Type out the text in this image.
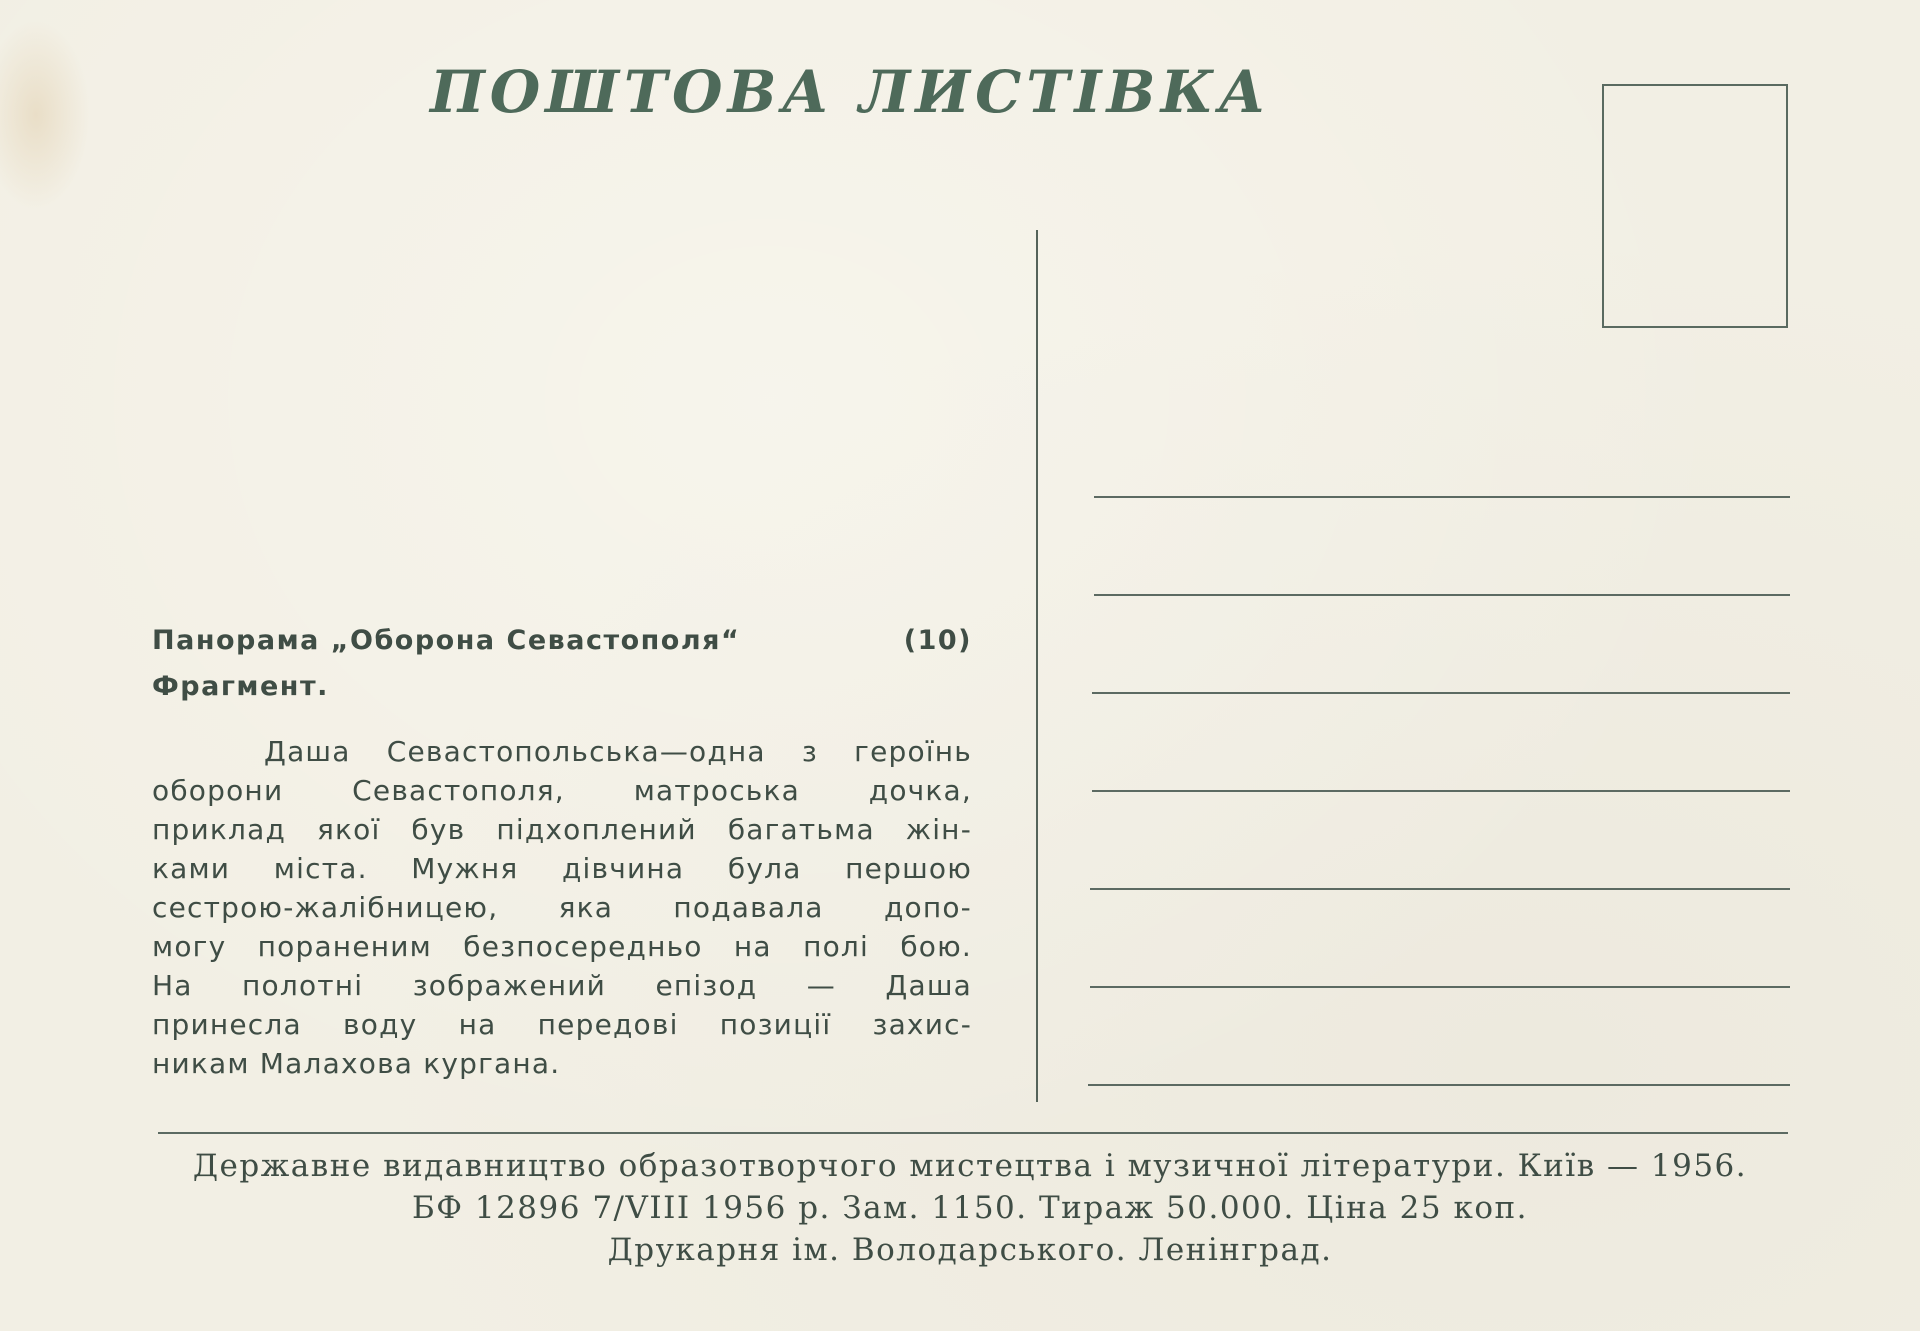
ПОШТОВА ЛИСТІВКА
Панорама „Оборона Севастополя“	(10)
Фрагмент.
Даша Севастопольська—одна з героїнь
оборони Севастополя, матроська дочка,
приклад якої був підхоплений багатьма жін-
ками міста. Мужня дівчина була першою
сестрою-жалібницею, яка подавала допо-
могу пораненим безпосередньо на полі бою.
На полотні зображений епізод — Даша
принесла воду на передові позиції захис-
никам Малахова кургана.
Державне видавництво образотворчого мистецтва і музичної літератури. Київ — 1956.
БФ 12896 7/VIII 1956 р. Зам. 1150. Тираж 50.000. Ціна 25 коп.
Друкарня ім. Володарського. Ленінград.
